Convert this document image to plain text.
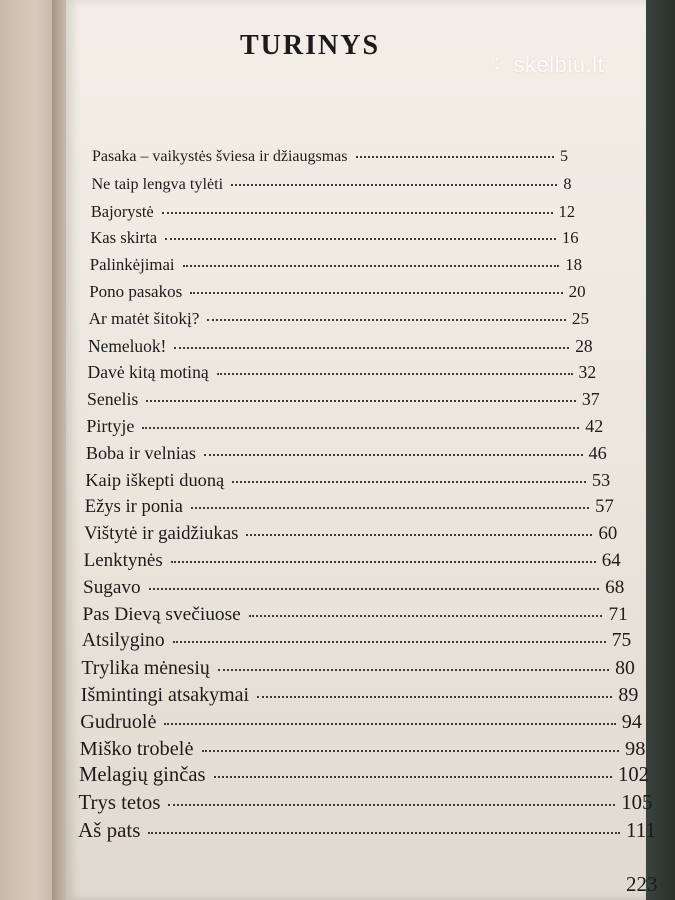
⁘ skelbiu.lt
TURINYS
Pasaka – vaikystės šviesa ir džiaugsmas	5
Ne taip lengva tylėti	8
Bajorystė	12
Kas skirta	16
Palinkėjimai	18
Pono pasakos	20
Ar matėt šitokį?	25
Nemeluok!	28
Davė kitą motiną	32
Senelis	37
Pirtyje	42
Boba ir velnias	46
Kaip iškepti duoną	53
Ežys ir ponia	57
Vištytė ir gaidžiukas	60
Lenktynės	64
Sugavo	68
Pas Dievą svečiuose	71
Atsilygino	75
Trylika mėnesių	80
Išmintingi atsakymai	89
Gudruolė	94
Miško trobelė	98
Melagių ginčas	102
Trys tetos	105
Aš pats	111
223
